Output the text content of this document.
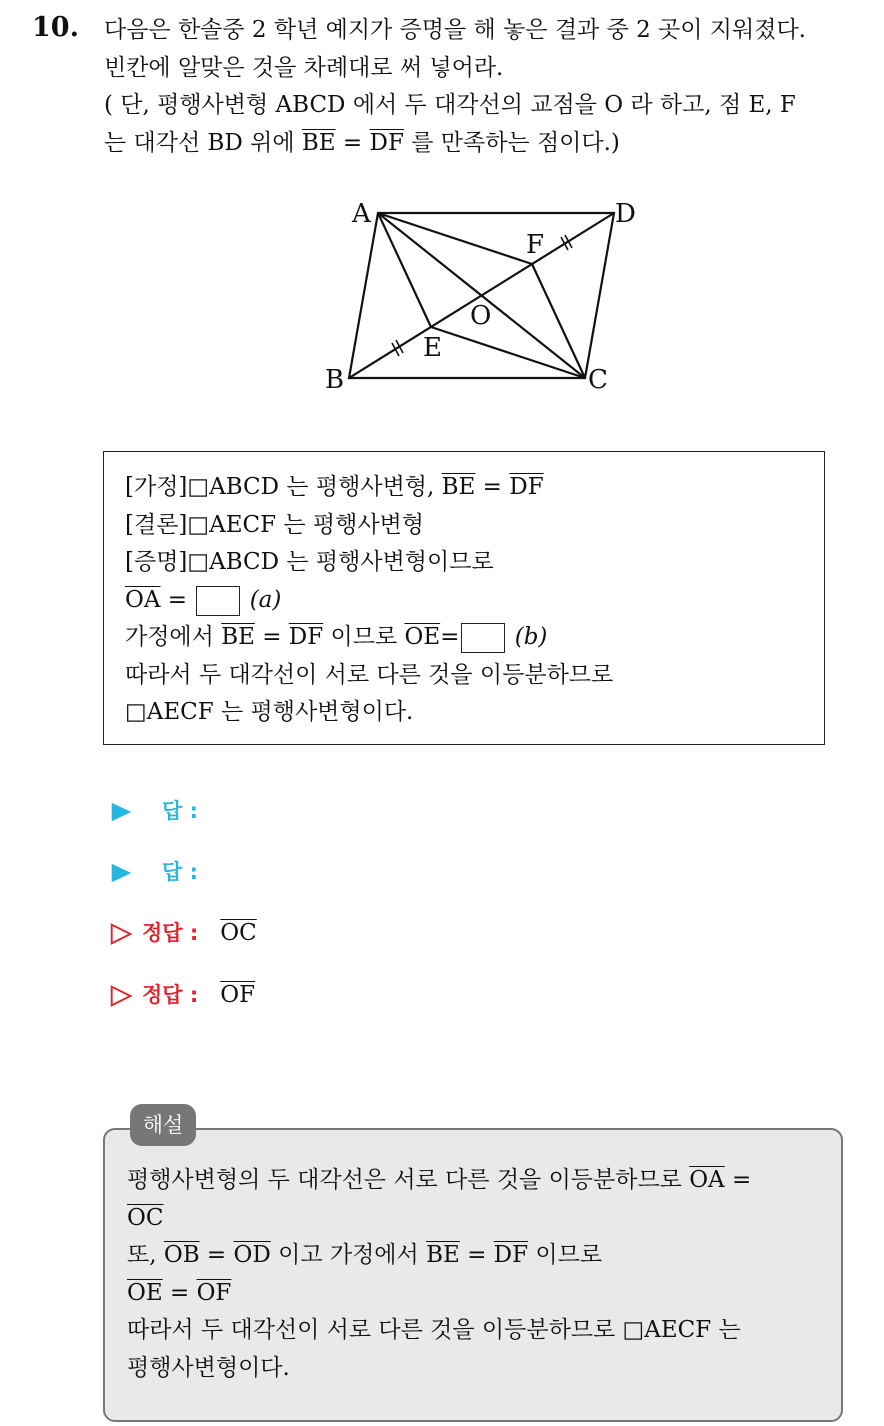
10. 다음은 한솔중 2 학년 예지가 증명을 해 놓은 결과 중 2 곳이 지워졌다.
빈칸에 알맞은 것을 차례대로 써 넣어라.
( 단, 평행사변형 ABCD 에서 두 대각선의 교점을 O 라 하고, 점 E, F
는 대각선 BD 위에 $\overline{BE} = \overline{DF}$ 를 만족하는 점이다.)
A	D
F
O
E
B	C
[가정]□ABCD 는 평행사변형, $\overline{BE} = \overline{DF}$
[결론]□AECF 는 평행사변형
[증명]□ABCD 는 평행사변형이므로
$\overline{OA} = (a)$
가정에서 $\overline{BE} = \overline{DF}$ 이므로 $\overline{OE}= (b)$
따라서 두 대각선이 서로 다른 것을 이등분하므로
□AECF 는 평행사변형이다.
답 :
답 :
정답 : $\overline{OC}$
정답 : $\overline{OF}$
평행사변형의 두 대각선은 서로 다른 것을 이등분하므로 $\overline{OA}$ =
$\overline{OC}$
또, $\overline{OB} = \overline{OD}$ 이고 가정에서 $\overline{BE} = \overline{DF}$ 이므로
$\overline{OE} = \overline{OF}$
따라서 두 대각선이 서로 다른 것을 이등분하므로 □AECF 는
평행사변형이다.
해설
